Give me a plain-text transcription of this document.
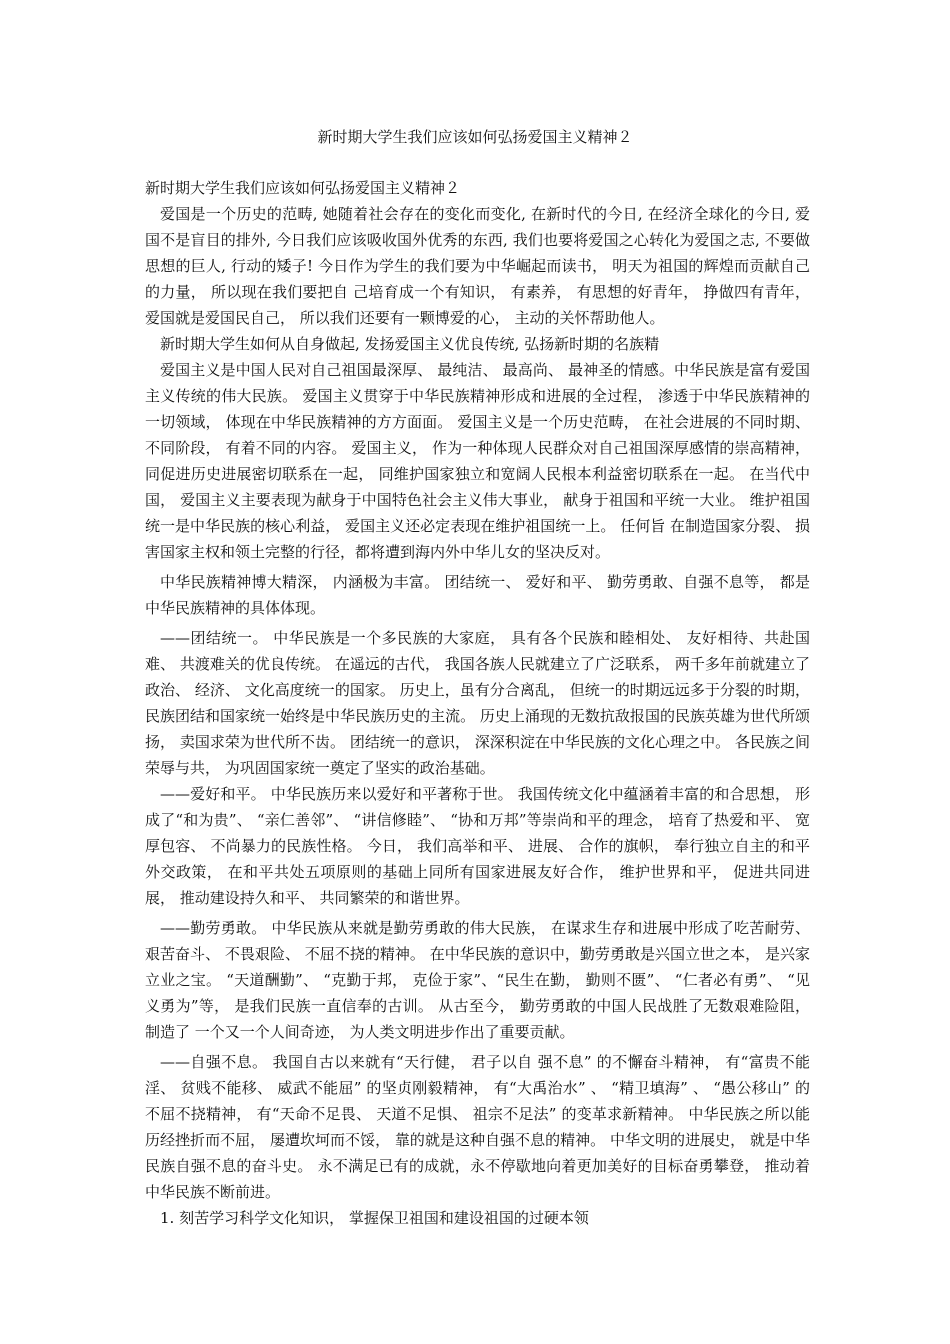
新时期大学生我们应该如何弘扬爱国主义精神２

新时期大学生我们应该如何弘扬爱国主义精神２

爱国是一个历史的范畴, 她随着社会存在的变化而变化, 在新时代的今日, 在经济全球化的今日, 爱国不是盲目的排外, 今日我们应该吸收国外优秀的东西, 我们也要将爱国之心转化为爱国之志, 不要做思想的巨人, 行动的矮子! 今日作为学生的我们要为中华崛起而读书， 明天为祖国的辉煌而贡献自己的力量， 所以现在我们要把自 己培育成一个有知识， 有素养， 有思想的好青年， 挣做四有青年， 爱国就是爱国民自己， 所以我们还要有一颗博爱的心， 主动的关怀帮助他人。

新时期大学生如何从自身做起, 发扬爱国主义优良传统, 弘扬新时期的名族精

爱国主义是中国人民对自己祖国最深厚、 最纯洁、 最高尚、 最神圣的情感。中华民族是富有爱国主义传统的伟大民族。 爱国主义贯穿于中华民族精神形成和进展的全过程， 渗透于中华民族精神的一切领域， 体现在中华民族精神的方方面面。 爱国主义是一个历史范畴， 在社会进展的不同时期、 不同阶段， 有着不同的内容。 爱国主义， 作为一种体现人民群众对自己祖国深厚感情的崇高精神， 同促进历史进展密切联系在一起， 同维护国家独立和宽阔人民根本利益密切联系在一起。 在当代中国， 爱国主义主要表现为献身于中国特色社会主义伟大事业， 献身于祖国和平统一大业。 维护祖国统一是中华民族的核心利益， 爱国主义还必定表现在维护祖国统一上。 任何旨 在制造国家分裂、 损害国家主权和领土完整的行径，都将遭到海内外中华儿女的坚决反对。

中华民族精神博大精深， 内涵极为丰富。 团结统一、 爱好和平、 勤劳勇敢、自强不息等， 都是中华民族精神的具体体现。

——团结统一。 中华民族是一个多民族的大家庭， 具有各个民族和睦相处、 友好相待、共赴国难、 共渡难关的优良传统。 在遥远的古代， 我国各族人民就建立了广泛联系， 两千多年前就建立了政治、 经济、 文化高度统一的国家。 历史上，虽有分合离乱， 但统一的时期远远多于分裂的时期， 民族团结和国家统一始终是中华民族历史的主流。 历史上涌现的无数抗敌报国的民族英雄为世代所颂扬， 卖国求荣为世代所不齿。 团结统一的意识， 深深积淀在中华民族的文化心理之中。 各民族之间荣辱与共， 为巩固国家统一奠定了坚实的政治基础。

——爱好和平。 中华民族历来以爱好和平著称于世。 我国传统文化中蕴涵着丰富的和合思想， 形成了“和为贵”、 “亲仁善邻”、 “讲信修睦”、 “协和万邦”等崇尚和平的理念， 培育了热爱和平、 宽厚包容、 不尚暴力的民族性格。 今日， 我们高举和平、 进展、 合作的旗帜， 奉行独立自主的和平外交政策， 在和平共处五项原则的基础上同所有国家进展友好合作， 维护世界和平， 促进共同进展， 推动建设持久和平、 共同繁荣的和谐世界。

——勤劳勇敢。 中华民族从来就是勤劳勇敢的伟大民族， 在谋求生存和进展中形成了吃苦耐劳、 艰苦奋斗、 不畏艰险、 不屈不挠的精神。 在中华民族的意识中，勤劳勇敢是兴国立世之本， 是兴家立业之宝。 “天道酬勤”、 “克勤于邦， 克俭于家”、“民生在勤， 勤则不匮”、 “仁者必有勇”、 “见义勇为”等， 是我们民族一直信奉的古训。 从古至今， 勤劳勇敢的中国人民战胜了无数艰难险阻， 制造了 一个又一个人间奇迹， 为人类文明进步作出了重要贡献。

——自强不息。 我国自古以来就有“天行健， 君子以自 强不息” 的不懈奋斗精神， 有“富贵不能淫、 贫贱不能移、 威武不能屈” 的坚贞刚毅精神， 有“大禹治水” 、 “精卫填海” 、 “愚公移山” 的不屈不挠精神， 有“天命不足畏、 天道不足惧、 祖宗不足法” 的变革求新精神。 中华民族之所以能历经挫折而不屈， 屡遭坎坷而不馁， 靠的就是这种自强不息的精神。 中华文明的进展史， 就是中华民族自强不息的奋斗史。 永不满足已有的成就，永不停歇地向着更加美好的目标奋勇攀登， 推动着中华民族不断前进。

1. 刻苦学习科学文化知识， 掌握保卫祖国和建设祖国的过硬本领
